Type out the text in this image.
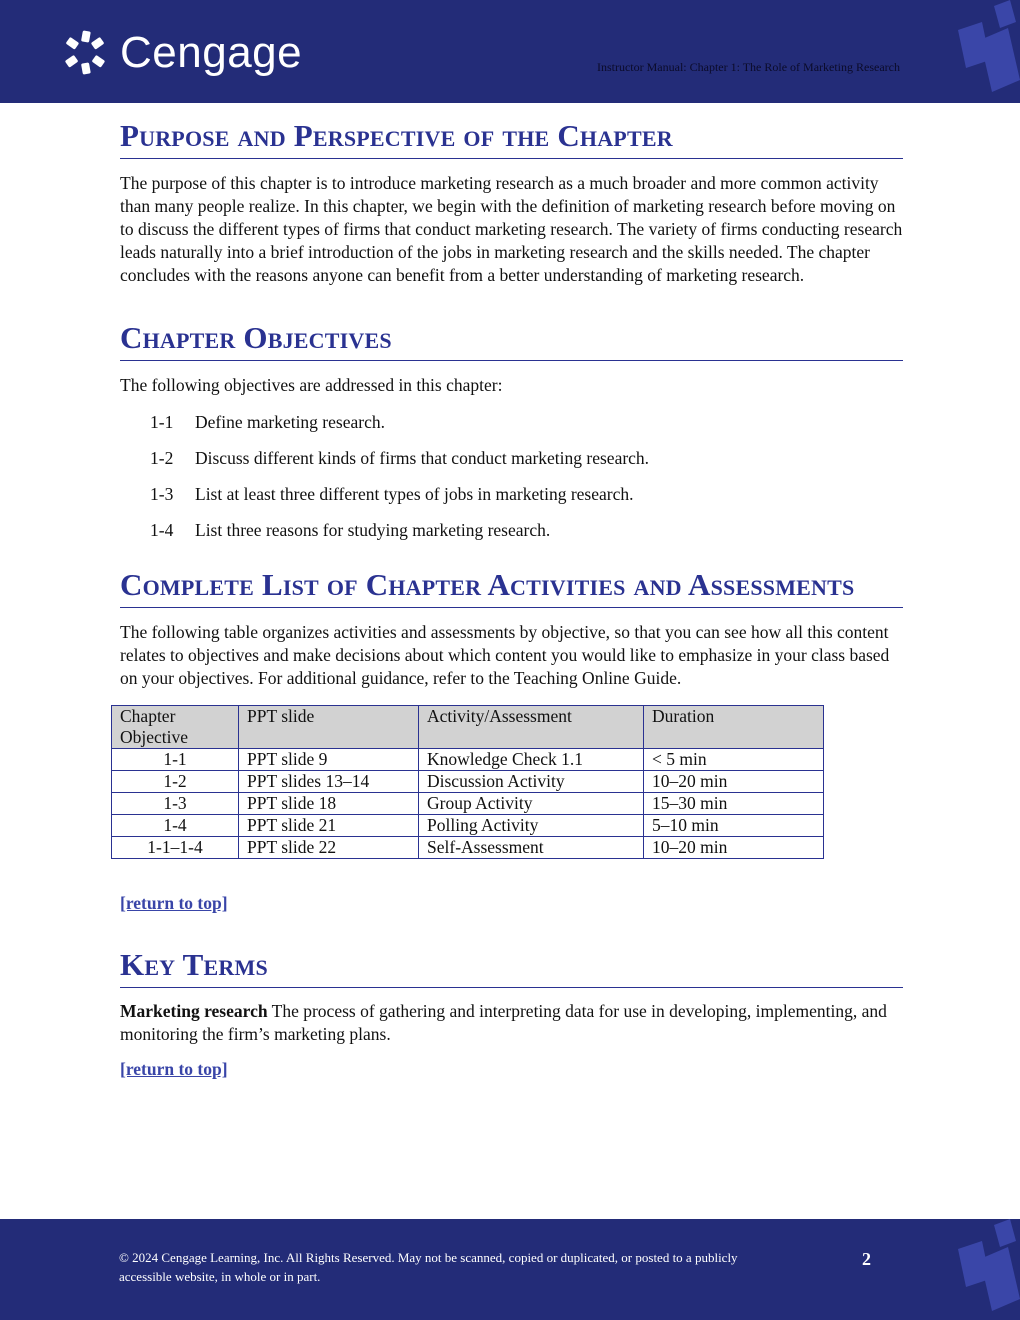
Cengage	Instructor Manual: Chapter 1: The Role of Marketing Research
Purpose and Perspective of the Chapter

The purpose of this chapter is to introduce marketing research as a much broader and more common activity than many people realize. In this chapter, we begin with the definition of marketing research before moving on to discuss the different types of firms that conduct marketing research. The variety of firms conducting research leads naturally into a brief introduction of the jobs in marketing research and the skills needed. The chapter concludes with the reasons anyone can benefit from a better understanding of marketing research.

Chapter Objectives

The following objectives are addressed in this chapter:

1-1	Define marketing research.
1-2	Discuss different kinds of firms that conduct marketing research.
1-3	List at least three different types of jobs in marketing research.
1-4	List three reasons for studying marketing research.
Complete List of Chapter Activities and Assessments

The following table organizes activities and assessments by objective, so that you can see how all this content relates to objectives and make decisions about which content you would like to emphasize in your class based on your objectives. For additional guidance, refer to the Teaching Online Guide.

Chapter Objective	PPT slide	Activity/Assessment	Duration
1-1	PPT slide 9	Knowledge Check 1.1	< 5 min
1-2	PPT slides 13–14	Discussion Activity	10–20 min
1-3	PPT slide 18	Group Activity	15–30 min
1-4	PPT slide 21	Polling Activity	5–10 min
1-1–1-4	PPT slide 22	Self-Assessment	10–20 min
[return to top]
Key Terms

Marketing research The process of gathering and interpreting data for use in developing, implementing, and monitoring the firm’s marketing plans.

[return to top]
© 2024 Cengage Learning, Inc. All Rights Reserved. May not be scanned, copied or duplicated, or posted to a publicly accessible website, in whole or in part.
2
